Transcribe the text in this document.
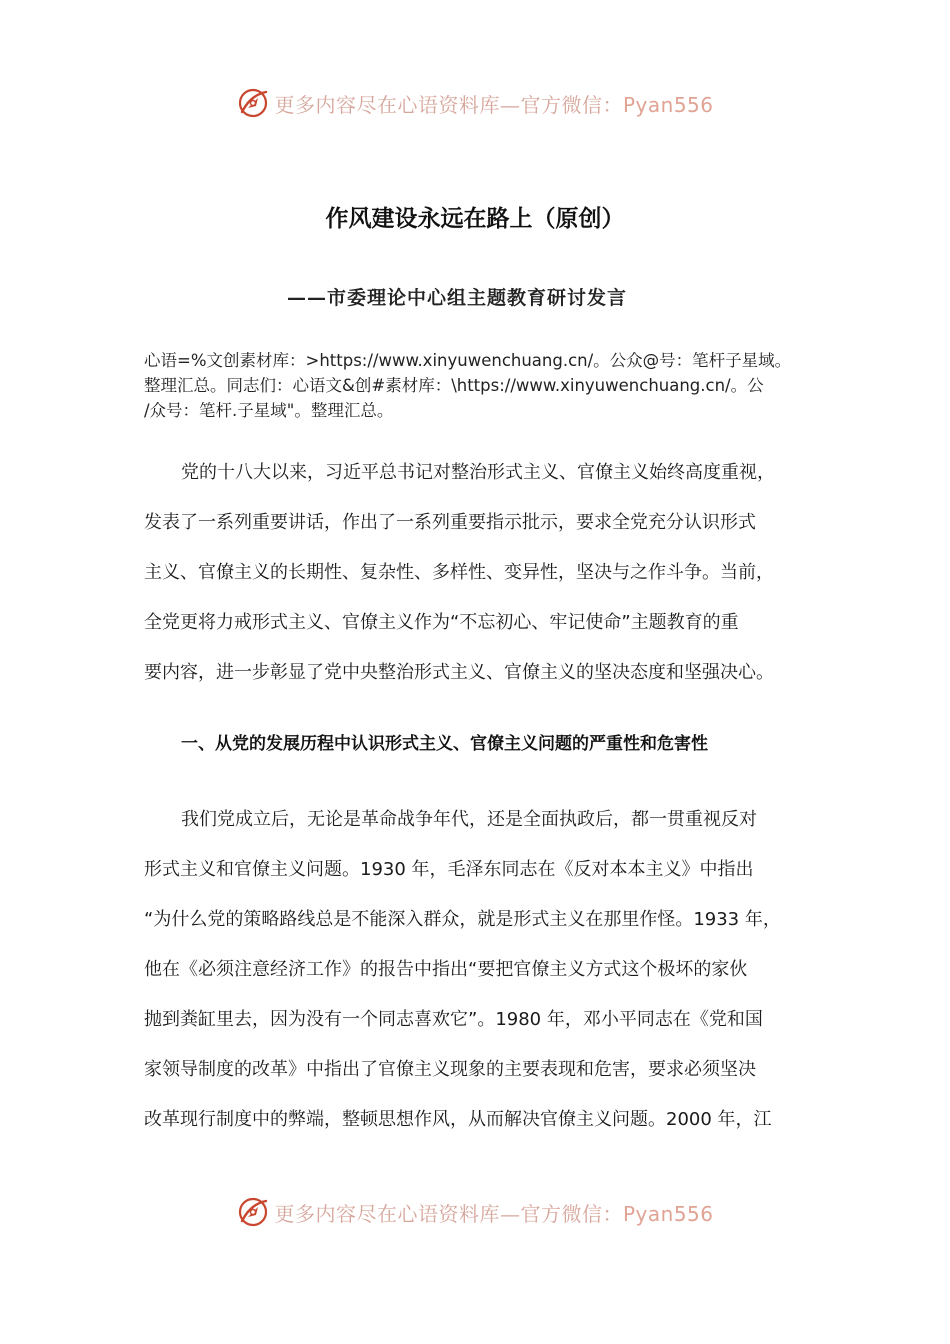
更多内容尽在心语资料库—官方微信：Pyan556
作风建设永远在路上（原创）
——市委理论中心组主题教育研讨发言
心语=%文创素材库：>https://www.xinyuwenchuang.cn/。公众@号：笔杆子星域。
整理汇总。同志们：心语文&创#素材库：\https://www.xinyuwenchuang.cn/。公
/众号：笔杆.子星域"。整理汇总。
党的十八大以来，习近平总书记对整治形式主义、官僚主义始终高度重视，
发表了一系列重要讲话，作出了一系列重要指示批示，要求全党充分认识形式
主义、官僚主义的长期性、复杂性、多样性、变异性，坚决与之作斗争。当前，
全党更将力戒形式主义、官僚主义作为“不忘初心、牢记使命”主题教育的重
要内容，进一步彰显了党中央整治形式主义、官僚主义的坚决态度和坚强决心。
一、从党的发展历程中认识形式主义、官僚主义问题的严重性和危害性
我们党成立后，无论是革命战争年代，还是全面执政后，都一贯重视反对
形式主义和官僚主义问题。1930 年，毛泽东同志在《反对本本主义》中指出
“为什么党的策略路线总是不能深入群众，就是形式主义在那里作怪。1933 年，
他在《必须注意经济工作》的报告中指出“要把官僚主义方式这个极坏的家伙
抛到粪缸里去，因为没有一个同志喜欢它”。1980 年，邓小平同志在《党和国
家领导制度的改革》中指出了官僚主义现象的主要表现和危害，要求必须坚决
改革现行制度中的弊端，整顿思想作风，从而解决官僚主义问题。2000 年，江
更多内容尽在心语资料库—官方微信：Pyan556
